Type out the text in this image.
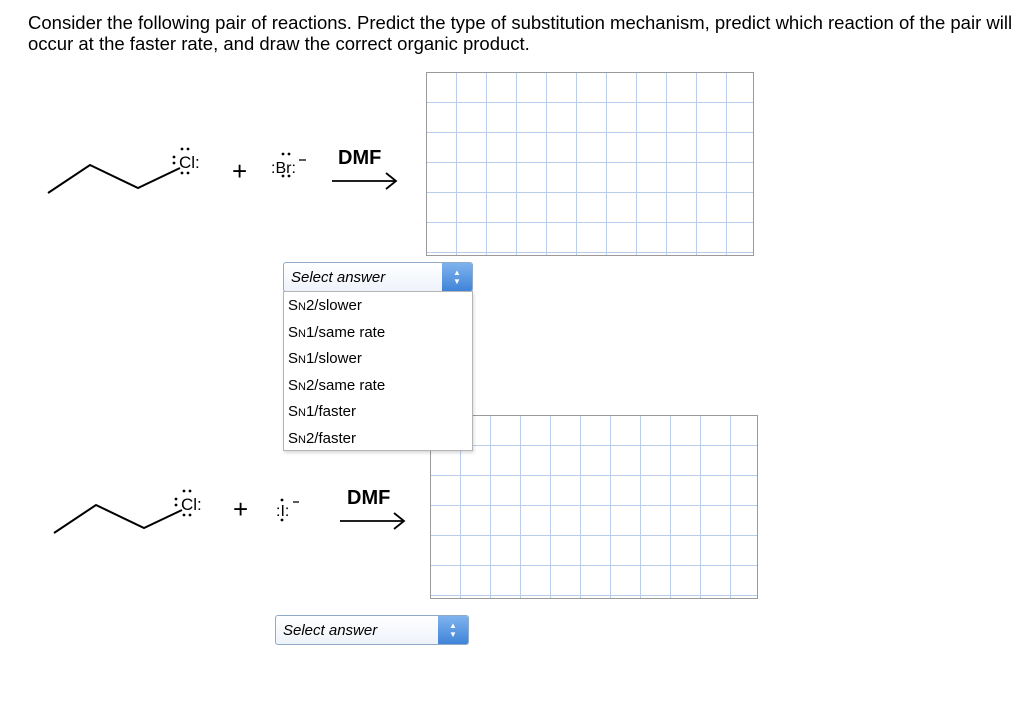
Consider the following pair of reactions. Predict the type of substitution mechanism, predict which reaction of the pair will occur at the faster rate, and draw the correct organic product.

Cl: + :Br: DMF
Cl: + :I:
DMF
Select answer	▲
▼
SN2/slower
SN1/same rate
SN1/slower
SN2/same rate
SN1/faster
SN2/faster
Select answer	▲
▼
